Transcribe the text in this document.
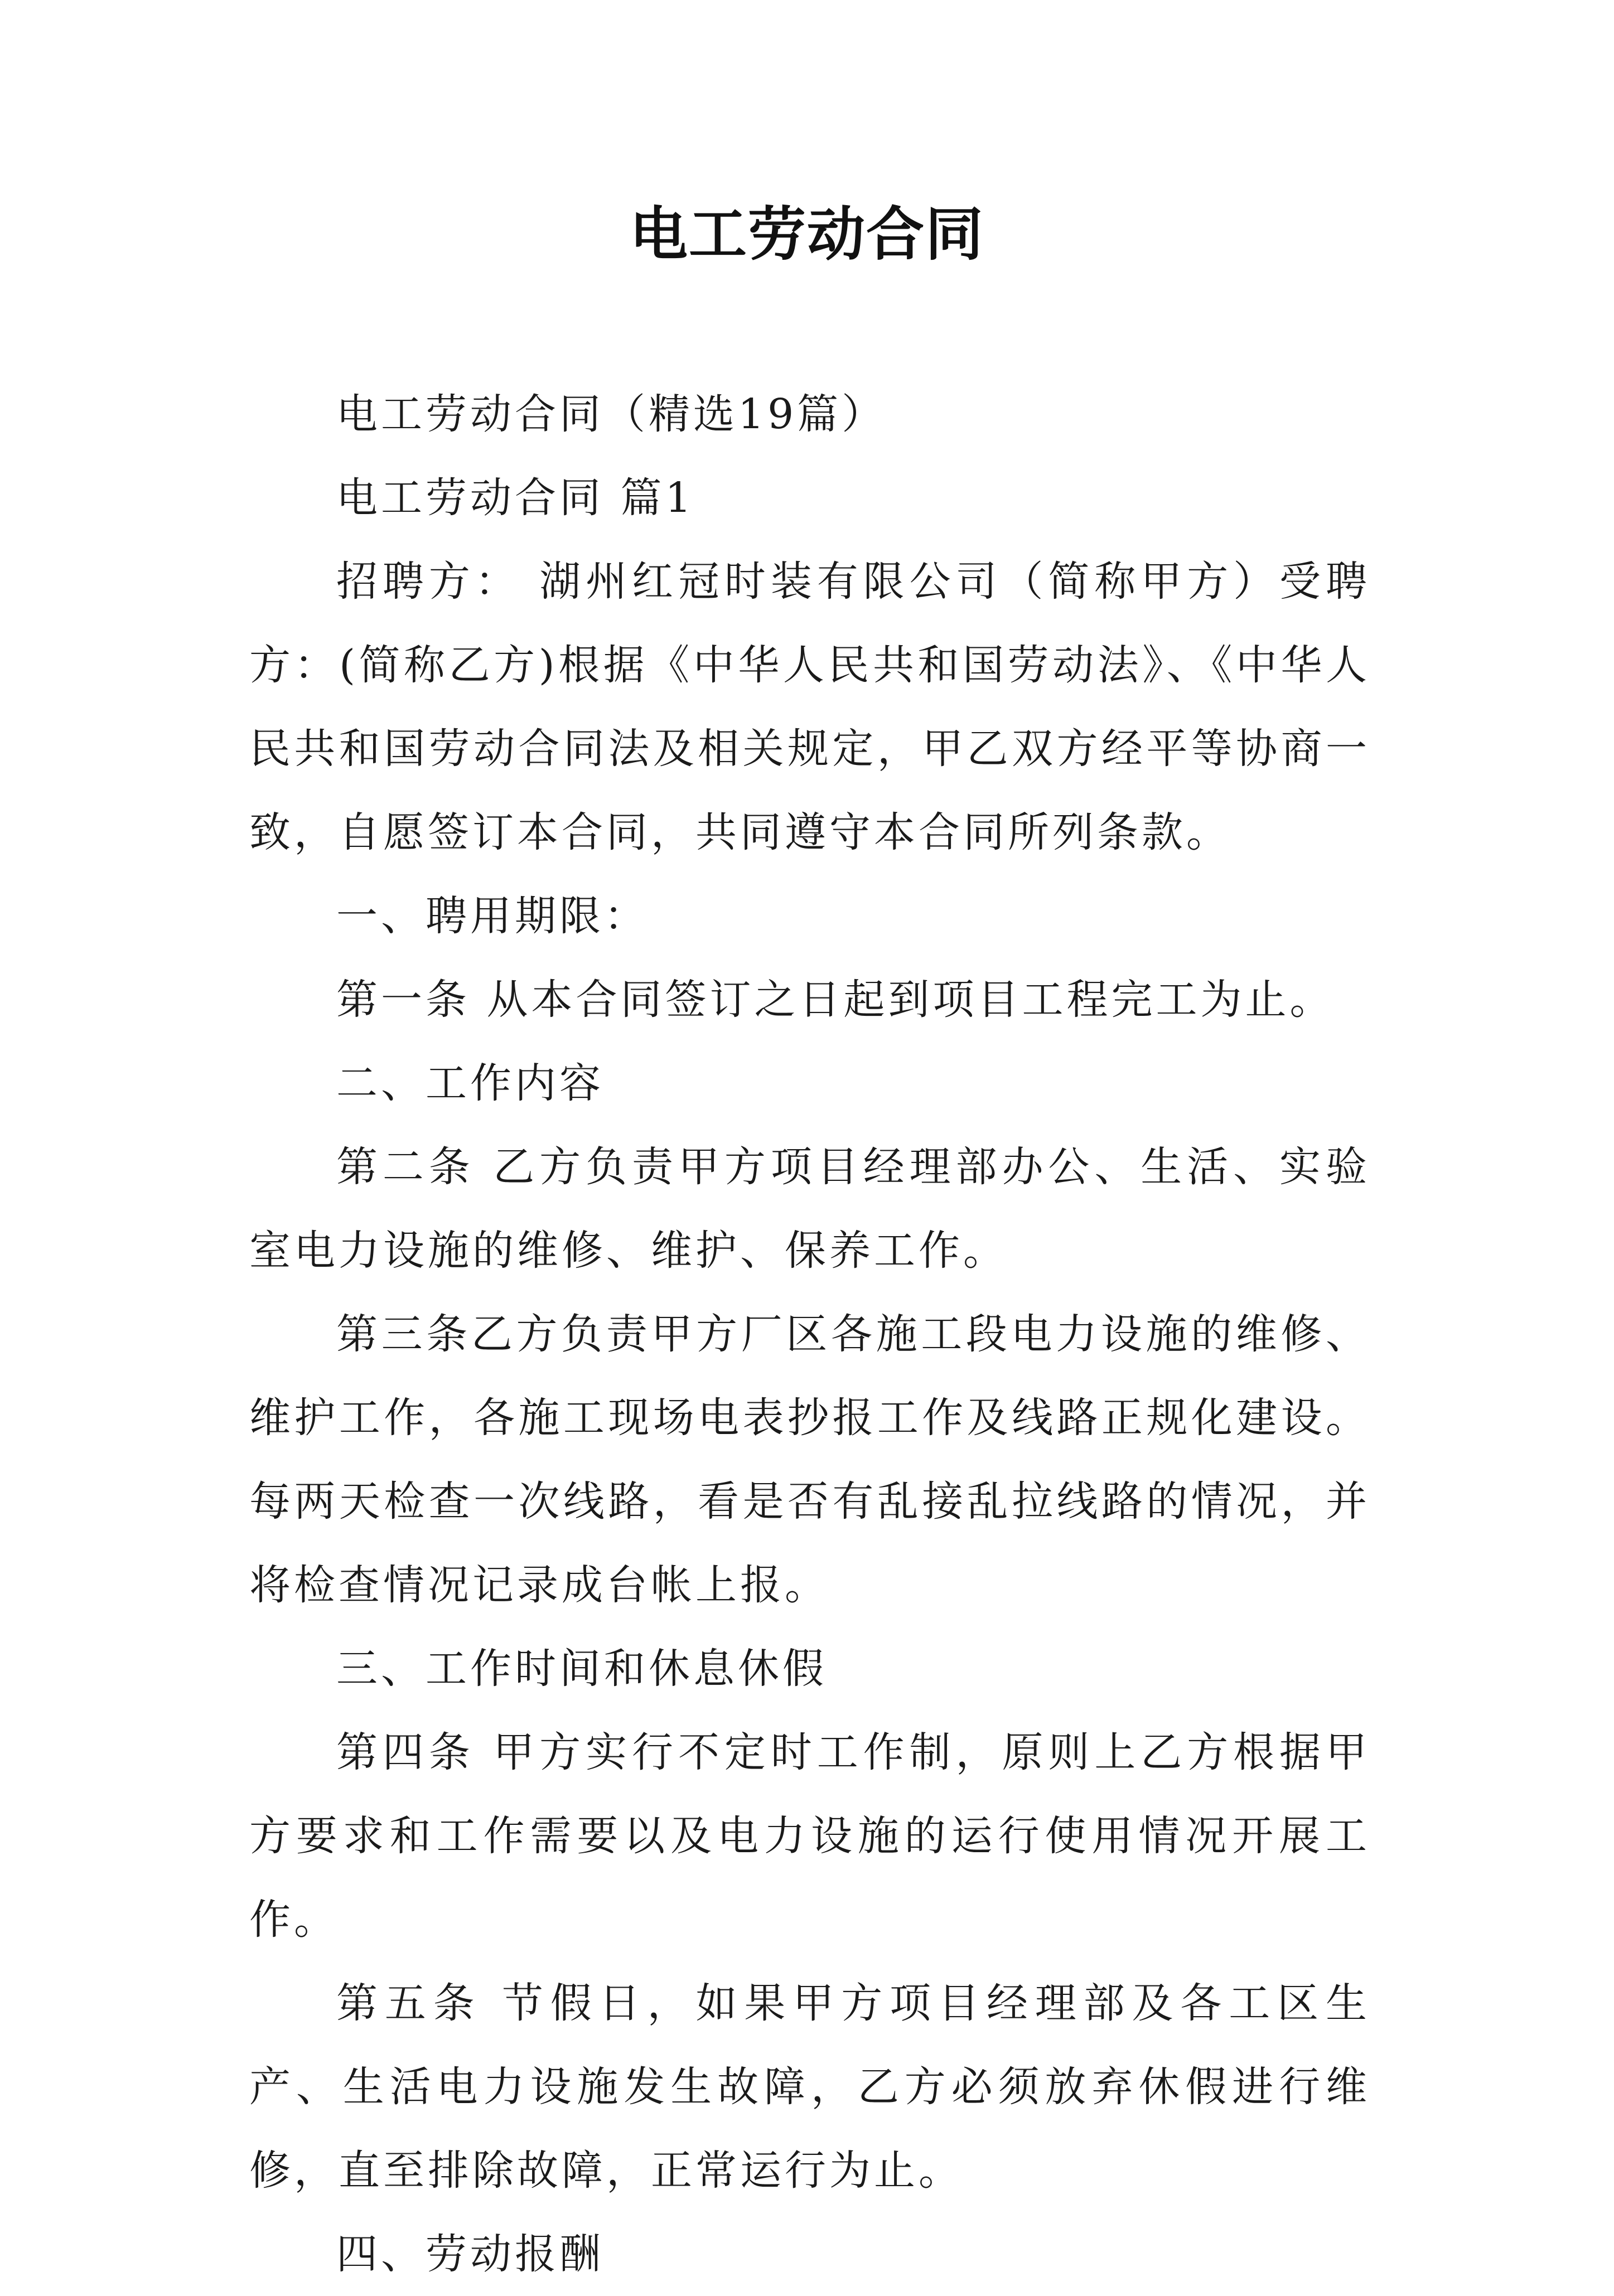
电工劳动合同

电工劳动合同（精选19篇）

电工劳动合同 篇1

招聘方： 湖州红冠时装有限公司（简称甲方）受聘方：(简称乙方)根据《中华人民共和国劳动法》、《中华人民共和国劳动合同法及相关规定，甲乙双方经平等协商一致，自愿签订本合同，共同遵守本合同所列条款。

一、聘用期限：

第一条 从本合同签订之日起到项目工程完工为止。

二、工作内容

第二条 乙方负责甲方项目经理部办公、生活、实验室电力设施的维修、维护、保养工作。

第三条乙方负责甲方厂区各施工段电力设施的维修、维护工作，各施工现场电表抄报工作及线路正规化建设。每两天检查一次线路，看是否有乱接乱拉线路的情况，并将检查情况记录成台帐上报。

三、工作时间和休息休假

第四条 甲方实行不定时工作制，原则上乙方根据甲方要求和工作需要以及电力设施的运行使用情况开展工作。

第五条 节假日，如果甲方项目经理部及各工区生产、生活电力设施发生故障，乙方必须放弃休假进行维修，直至排除故障，正常运行为止。

四、劳动报酬
